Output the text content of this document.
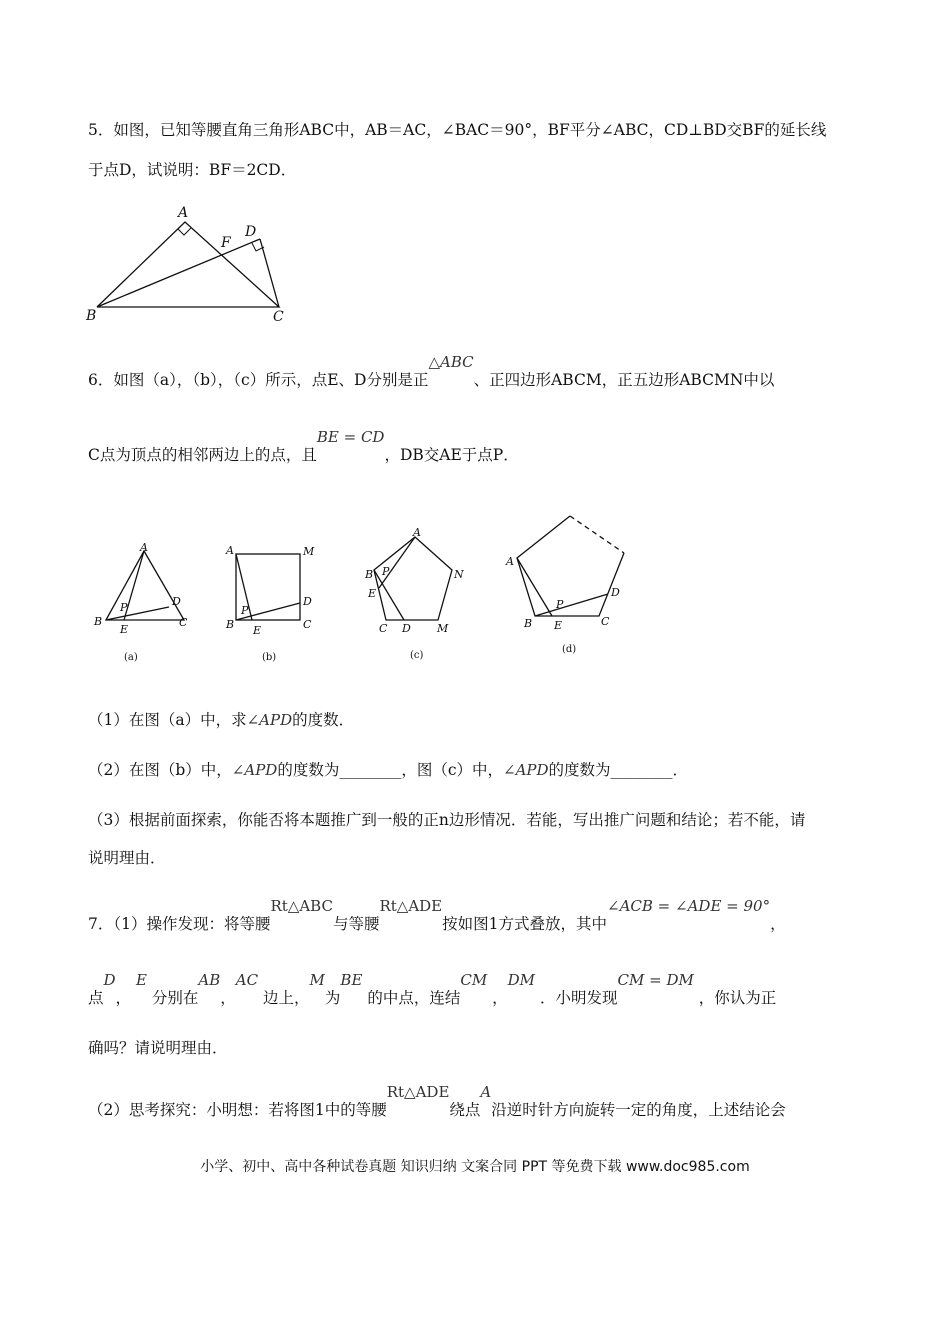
5．如图，已知等腰直角三角形ABC中，AB＝AC，∠BAC＝90°，BF平分∠ABC，CD⊥BD交BF的延长线
于点D，试说明：BF＝2CD．
A
B	C
D
F
6．如图（a），（b），（c）所示，点E、D分别是正△ABC、正四边形ABCM，正五边形ABCMN中以
C点为顶点的相邻两边上的点，且BE = CD，DB交AE于点P．
A
B	C
D
E
P
(a)
A
B	C
D
E
M
P
(b)
A
B
C D
E
M
N
P
(c)
A
B	C
D
E
P
(d)
（1）在图（a）中，求∠APD的度数．
（2）在图（b）中，∠APD的度数为________，图（c）中，∠APD的度数为________．
（3）根据前面探索，你能否将本题推广到一般的正n边形情况．若能，写出推广问题和结论；若不能，请
说明理由．
7．（1）操作发现：将等腰Rt△ABC与等腰Rt△ADE按如图1方式叠放，其中∠ACB = ∠ADE = 90°，
点D， E 分别在AB，AC 边上，M为BE 的中点，连结CM ，DM ．小明发现CM = DM ，你认为正
确吗？请说明理由．
（2）思考探究：小明想：若将图1中的等腰Rt△ADE绕点A沿逆时针方向旋转一定的角度，上述结论会
小学、初中、高中各种试卷真题 知识归纳 文案合同 PPT 等免费下载 www.doc985.com
